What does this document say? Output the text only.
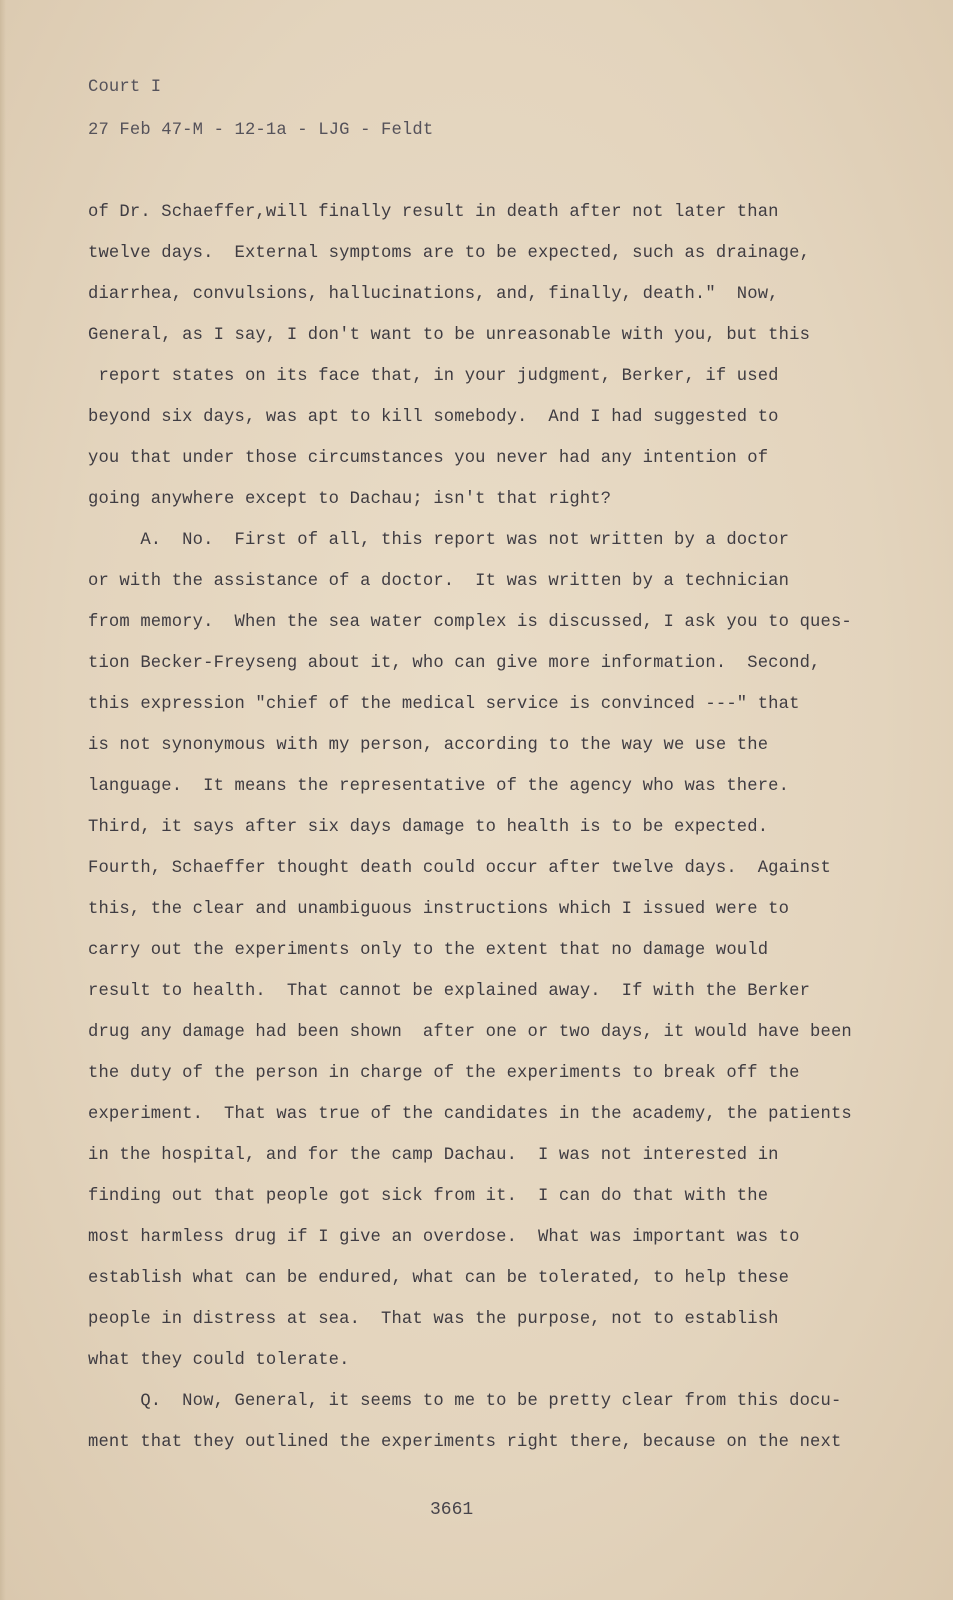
Court I
27 Feb 47-M - 12-1a - LJG - Feldt
of Dr. Schaeffer,will finally result in death after not later than
twelve days.  External symptoms are to be expected, such as drainage,
diarrhea, convulsions, hallucinations, and, finally, death."  Now,
General, as I say, I don't want to be unreasonable with you, but this
report states on its face that, in your judgment, Berker, if used
beyond six days, was apt to kill somebody.  And I had suggested to
you that under those circumstances you never had any intention of
going anywhere except to Dachau; isn't that right?
A.  No.  First of all, this report was not written by a doctor
or with the assistance of a doctor.  It was written by a technician
from memory.  When the sea water complex is discussed, I ask you to ques-
tion Becker-Freyseng about it, who can give more information.  Second,
this expression "chief of the medical service is convinced ---" that
is not synonymous with my person, according to the way we use the
language.  It means the representative of the agency who was there.
Third, it says after six days damage to health is to be expected.
Fourth, Schaeffer thought death could occur after twelve days.  Against
this, the clear and unambiguous instructions which I issued were to
carry out the experiments only to the extent that no damage would
result to health.  That cannot be explained away.  If with the Berker
drug any damage had been shown  after one or two days, it would have been
the duty of the person in charge of the experiments to break off the
experiment.  That was true of the candidates in the academy, the patients
in the hospital, and for the camp Dachau.  I was not interested in
finding out that people got sick from it.  I can do that with the
most harmless drug if I give an overdose.  What was important was to
establish what can be endured, what can be tolerated, to help these
people in distress at sea.  That was the purpose, not to establish
what they could tolerate.
Q.  Now, General, it seems to me to be pretty clear from this docu-
ment that they outlined the experiments right there, because on the next
3661
